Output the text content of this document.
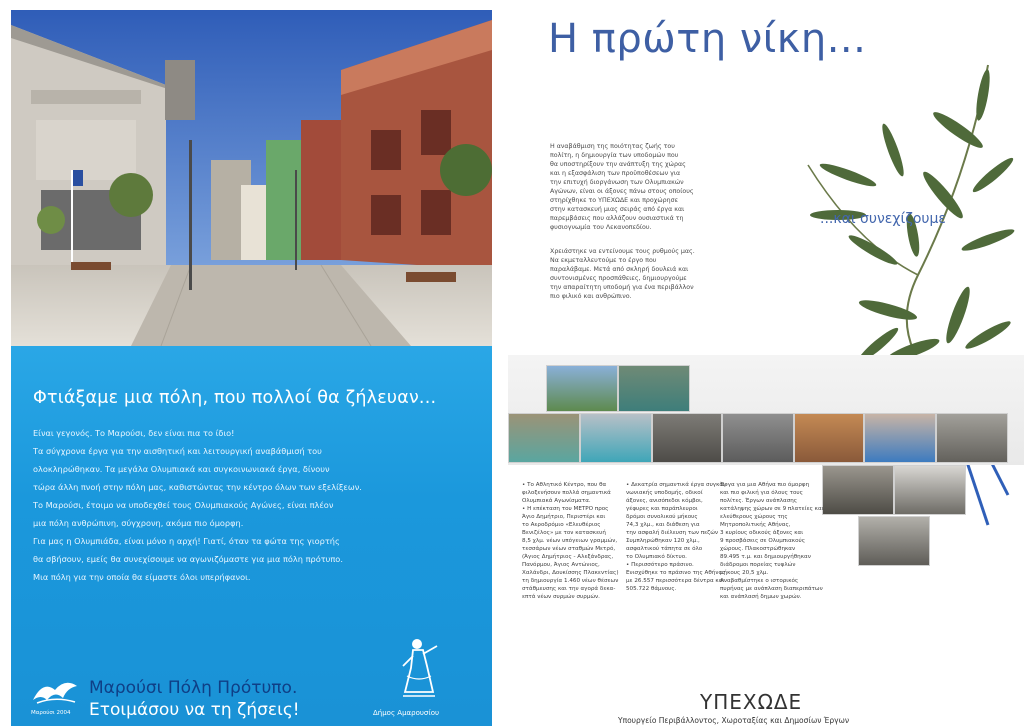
Φτιάξαμε μια πόλη, που πολλοί θα ζήλευαν...
Είναι γεγονός. Το Μαρούσι, δεν είναι πια το ίδιο!
Τα σύγχρονα έργα για την αισθητική και λειτουργική αναβάθμισή του
ολοκληρώθηκαν. Τα μεγάλα Ολυμπιακά και συγκοινωνιακά έργα, δίνουν
τώρα άλλη πνοή στην πόλη μας, καθιστώντας την κέντρο όλων των εξελίξεων.
Το Μαρούσι, έτοιμο να υποδεχθεί τους Ολυμπιακούς Αγώνες, είναι πλέον
μια πόλη ανθρώπινη, σύγχρονη, ακόμα πιο όμορφη.
Για μας η Ολυμπιάδα, είναι μόνο η αρχή! Γιατί, όταν τα φώτα της γιορτής
θα σβήσουν, εμείς θα συνεχίσουμε να αγωνιζόμαστε για μια πόλη πρότυπο.
Μια πόλη για την οποία θα είμαστε όλοι υπερήφανοι.
Μαρούσι 2004
Μαρούσι Πόλη Πρότυπο.
Ετοιμάσου να τη ζήσεις!	Δήμος Αμαρουσίου
Η πρώτη νίκη...
Η αναβάθμιση της ποιότητας ζωής του
πολίτη, η δημιουργία των υποδομών που
θα υποστηρίξουν την ανάπτυξη της χώρας
και η εξασφάλιση των προϋποθέσεων για
την επιτυχή διοργάνωση των Ολυμπιακών
Αγώνων, είναι οι άξονες πάνω στους οποίους
στηρίχθηκε το ΥΠΕΧΩΔΕ και προχώρησε
στην κατασκευή μιας σειράς από έργα και
παρεμβάσεις που αλλάζουν ουσιαστικά τη
φυσιογνωμία του Λεκανοπεδίου.
Χρειάστηκε να εντείνουμε τους ρυθμούς μας.
Να εκμεταλλευτούμε το έργο που
παραλάβαμε. Μετά από σκληρή δουλειά και
συντονισμένες προσπάθειες, δημιουργούμε
την απαραίτητη υποδομή για ένα περιβάλλον
πιο φιλικό και ανθρώπινο.
...και συνεχίζουμε
• Το Αθλητικό Κέντρο, που θα
φιλοξενήσουν πολλά σημαντικά
Ολυμπιακά Αγωνίσματα.
• Η επέκταση του ΜΕΤΡΟ προς
Άγιο Δημήτριο, Περιστέρι και
το Αεροδρόμιο «Ελευθέριος
Βενιζέλος» με τον κατασκευή
8,5 χλμ. νέων υπόγειων γραμμών,
τεσσάρων νέων σταθμών Μετρό,
(Άγιος Δημήτριος - Αλεξάνδρας,
Πανόρμου, Άγιος Αντώνιος,
Χαλάνδρι, Δουκίσσης Πλακεντίας)
τη δημιουργία 1.460 νέων θέσεων
στάθμευσης και την αγορά δεκα-
επτά νέων συρμών συρμών.
• Δεκατρία σημαντικά έργα συγκοι-
νωνιακής υποδομής, οδικοί
άξονες, ανισόπεδοι κόμβοι,
γέφυρες και παράπλευροι
δρόμοι συνολικού μήκους
74,3 χλμ., και διάθεση για
την ασφαλή διέλευση των πεζών
Συμπληρώθηκαν 120 χλμ.,
ασφαλτικού τάπητα σε όλο
το Ολυμπιακό δίκτυο.
• Περισσότερο πράσινο.
Ενισχύθηκε το πράσινο της Αθήνας
με 26.557 περισσότερα δέντρα και
505.722 θάμνους.
Έργα για μια Αθήνα πιο όμορφη
και πιο φιλική για όλους τους
πολίτες. Έργων ανάπλασης
κατάληψης χώρων σε 9 πλατείες και
ελεύθερους χώρους της
Μητροπολιτικής Αθήνας,
3 κυρίους οδικούς άξονες και
9 προσβάσεις σε Ολυμπιακούς
χώρους. Πλακοστρώθηκαν
89.495 τ.μ. και δημιουργήθηκαν
διάδρομοι πορείας τυφλών
μήκους 20,5 χλμ.
Αναβαθμίστηκε ο ιστορικός
πυρήνας με ανάπλαση διαπεριπάτων
και ανάπλασή δημων χωρών.
ΥΠΕΧΩΔΕ
Υπουργείο Περιβάλλοντος, Χωροταξίας και Δημοσίων Έργων
